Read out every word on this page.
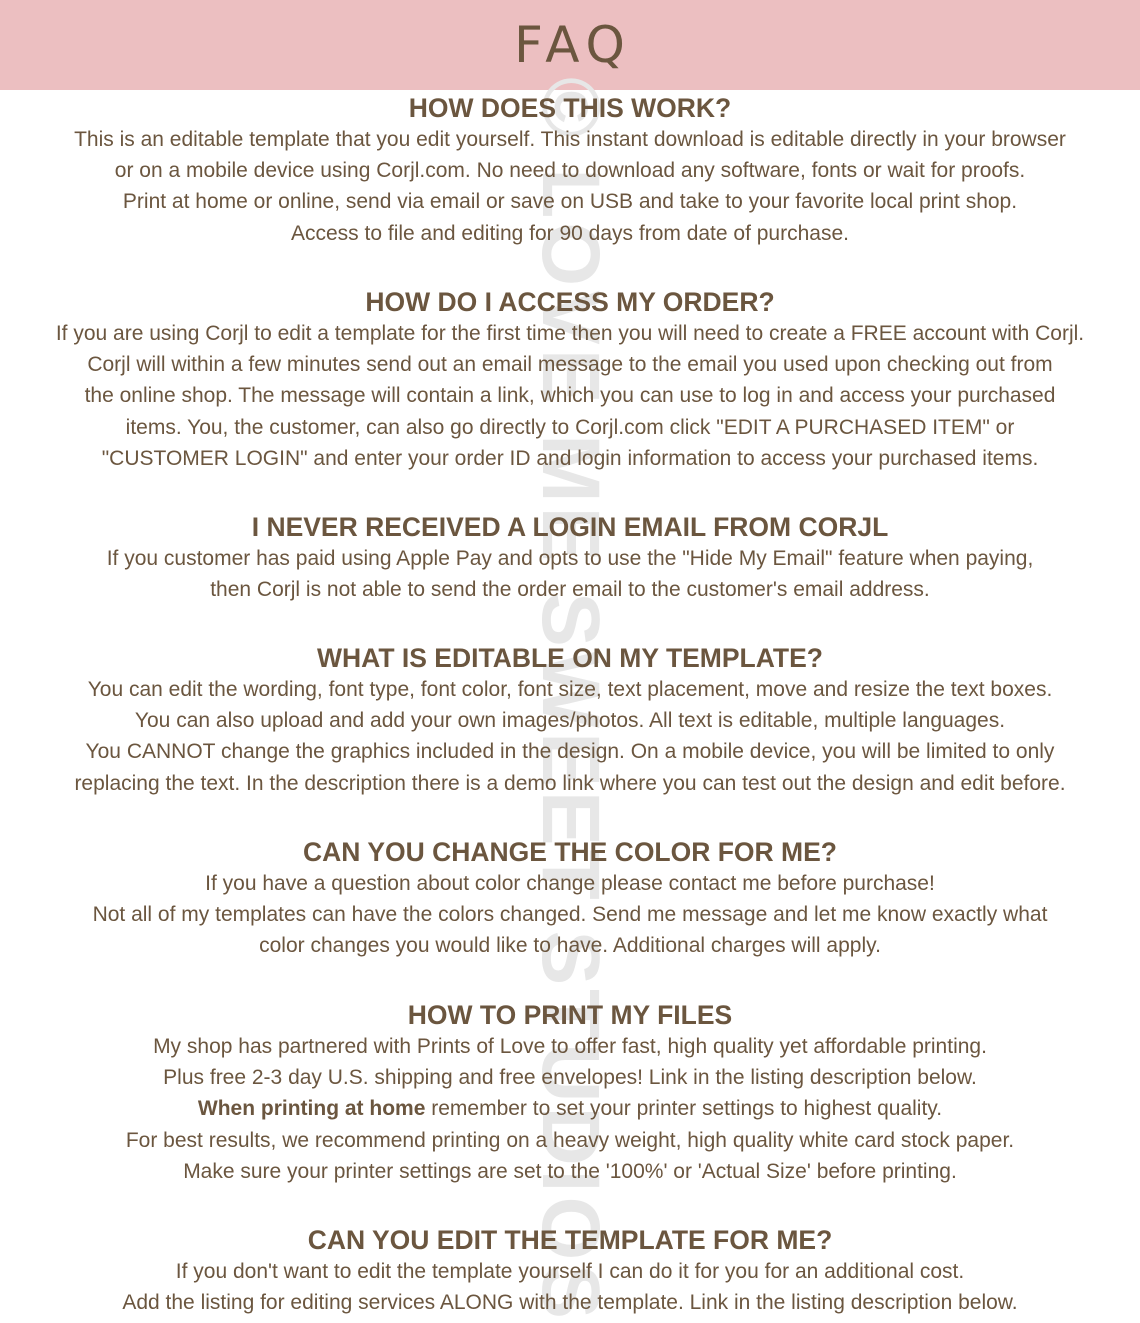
FAQ
© LOVE ME SWEET STUDIOS
HOW DOES THIS WORK?

This is an editable template that you edit yourself. This instant download is editable directly in your browser

or on a mobile device using Corjl.com. No need to download any software, fonts or wait for proofs.

Print at home or online, send via email or save on USB and take to your favorite local print shop.

Access to file and editing for 90 days from date of purchase.

HOW DO I ACCESS MY ORDER?

If you are using Corjl to edit a template for the first time then you will need to create a FREE account with Corjl.

Corjl will within a few minutes send out an email message to the email you used upon checking out from

the online shop. The message will contain a link, which you can use to log in and access your purchased

items. You, the customer, can also go directly to Corjl.com click "EDIT A PURCHASED ITEM" or

"CUSTOMER LOGIN" and enter your order ID and login information to access your purchased items.

I NEVER RECEIVED A LOGIN EMAIL FROM CORJL

If you customer has paid using Apple Pay and opts to use the "Hide My Email" feature when paying,

then Corjl is not able to send the order email to the customer's email address.

WHAT IS EDITABLE ON MY TEMPLATE?

You can edit the wording, font type, font color, font size, text placement, move and resize the text boxes.

You can also upload and add your own images/photos. All text is editable, multiple languages.

You CANNOT change the graphics included in the design. On a mobile device, you will be limited to only

replacing the text. In the description there is a demo link where you can test out the design and edit before.

CAN YOU CHANGE THE COLOR FOR ME?

If you have a question about color change please contact me before purchase!

Not all of my templates can have the colors changed. Send me message and let me know exactly what

color changes you would like to have. Additional charges will apply.

HOW TO PRINT MY FILES

My shop has partnered with Prints of Love to offer fast, high quality yet affordable printing.

Plus free 2-3 day U.S. shipping and free envelopes! Link in the listing description below.

When printing at home remember to set your printer settings to highest quality.

For best results, we recommend printing on a heavy weight, high quality white card stock paper.

Make sure your printer settings are set to the '100%' or 'Actual Size' before printing.

CAN YOU EDIT THE TEMPLATE FOR ME?

If you don't want to edit the template yourself I can do it for you for an additional cost.

Add the listing for editing services ALONG with the template. Link in the listing description below.
